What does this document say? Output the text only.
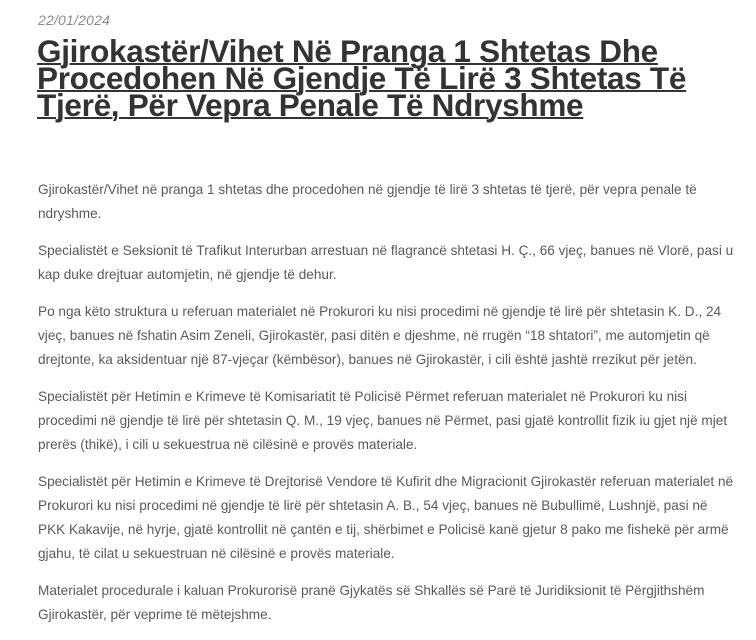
22/01/2024
Gjirokastër/Vihet Në Pranga 1 Shtetas Dhe Procedohen Në Gjendje Të Lirë 3 Shtetas Të Tjerë, Për Vepra Penale Të Ndryshme

Gjirokastër/Vihet në pranga 1 shtetas dhe procedohen në gjendje të lirë 3 shtetas të tjerë, për vepra penale të ndryshme.

Specialistët e Seksionit të Trafikut Interurban arrestuan në flagrancë shtetasi H. Ç., 66 vjeç, banues në Vlorë, pasi u kap duke drejtuar automjetin, në gjendje të dehur.

Po nga këto struktura u referuan materialet në Prokurori ku nisi procedimi në gjendje të lirë për shtetasin K. D., 24 vjeç, banues në fshatin Asim Zeneli, Gjirokastër, pasi ditën e djeshme, në rrugën “18 shtatori”, me automjetin që drejtonte, ka aksidentuar një 87-vjeçar (këmbësor), banues në Gjirokastër, i cili është jashtë rrezikut për jetën.

Specialistët për Hetimin e Krimeve të Komisariatit të Policisë Përmet referuan materialet në Prokurori ku nisi procedimi në gjendje të lirë për shtetasin Q. M., 19 vjeç, banues në Përmet, pasi gjatë kontrollit fizik iu gjet një mjet prerës (thikë), i cili u sekuestrua në cilësinë e provës materiale.

Specialistët për Hetimin e Krimeve të Drejtorisë Vendore të Kufirit dhe Migracionit Gjirokastër referuan materialet në Prokurori ku nisi procedimi në gjendje të lirë për shtetasin A. B., 54 vjeç, banues në Bubullimë, Lushnjë, pasi në PKK Kakavije, në hyrje, gjatë kontrollit në çantën e tij, shërbimet e Policisë kanë gjetur 8 pako me fishekë për armë gjahu, të cilat u sekuestruan në cilësinë e provës materiale.

Materialet procedurale i kaluan Prokurorisë pranë Gjykatës së Shkallës së Parë të Juridiksionit të Përgjithshëm Gjirokastër, për veprime të mëtejshme.
